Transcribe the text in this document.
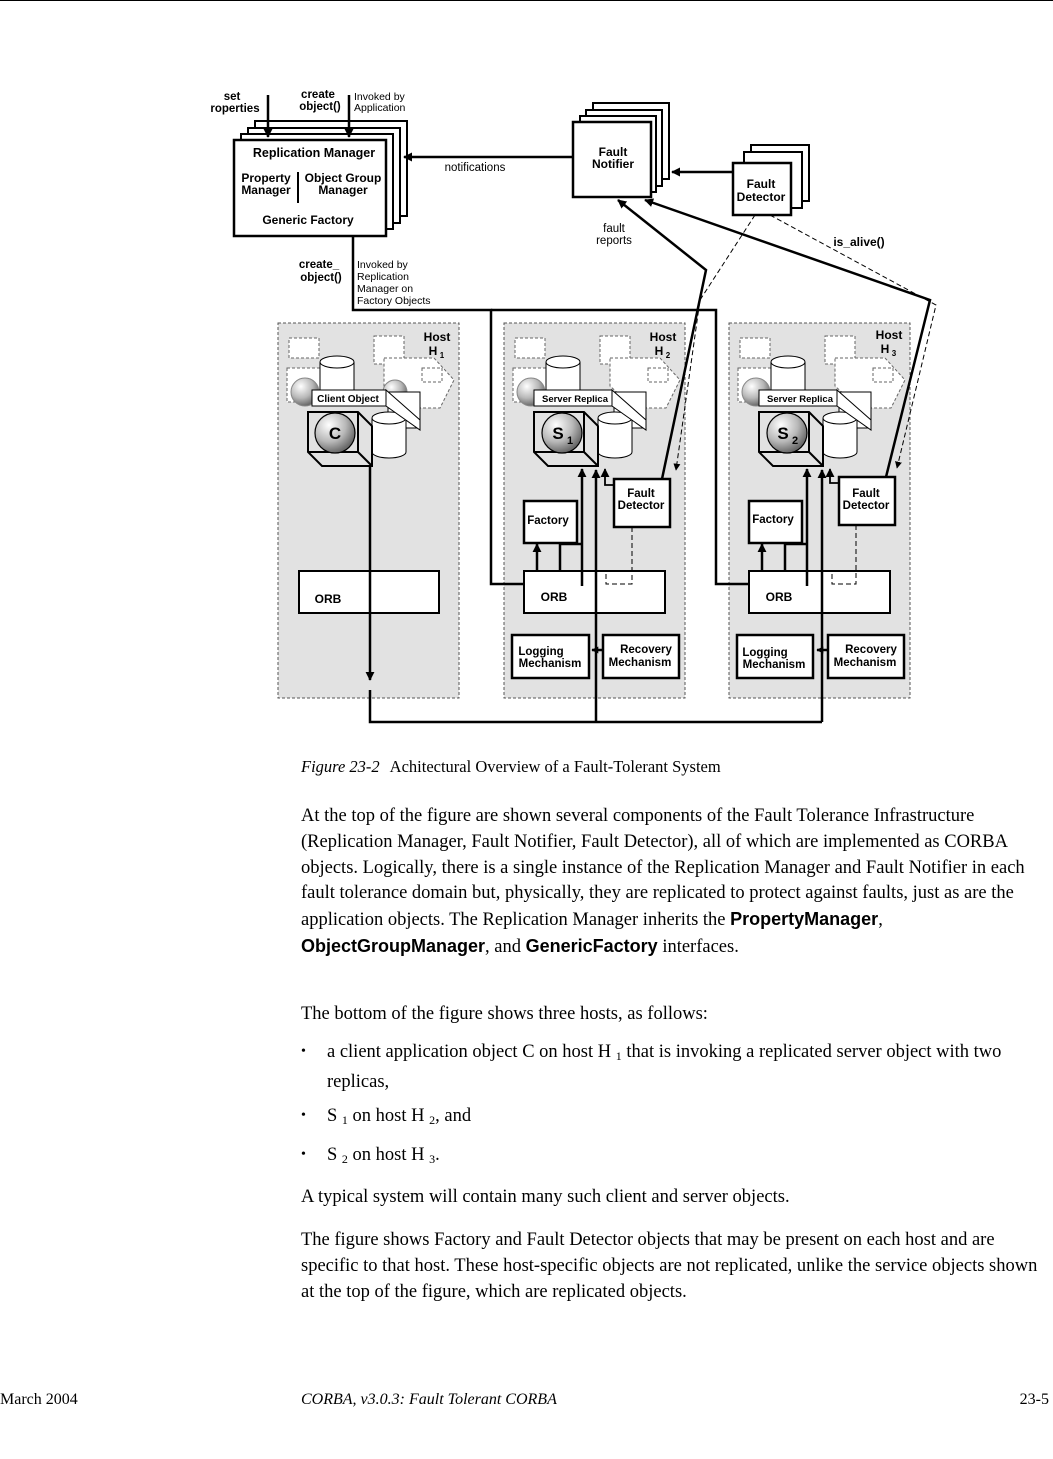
Replication Manager
Property
Manager
Object Group
Manager
Generic Factory
set
roperties
create
object()
Invoked by
Application
Fault
Notifier
notifications
Fault
Detector
fault
reports	is_alive()
create_
object()
Invoked by
Replication
Manager on
Factory Objects
Host
H 1
Host
H 2
Host
H 3
Client Object
C
Server Replica
S 1
Server Replica
S 2
ORB
Factory
Fault
Detector
ORB
Logging
Mechanism
Recovery
Mechanism
Factory
Fault
Detector
ORB
Logging
Mechanism
Recovery
Mechanism
Figure 23-2 Achitectural Overview of a Fault-Tolerant System

At the top of the figure are shown several components of the Fault Tolerance Infrastructure (Replication Manager, Fault Notifier, Fault Detector), all of which are implemented as CORBA objects. Logically, there is a single instance of the Replication Manager and Fault Notifier in each fault tolerance domain but, physically, they are replicated to protect against faults, just as are the application objects. The Replication Manager inherits the PropertyManager, ObjectGroupManager, and GenericFactory interfaces.

The bottom of the figure shows three hosts, as follows:

• a client application object C on host H $_1$ that is invoking a replicated server object with two replicas,

• S $_1$ on host H $_2$, and

• S $_2$ on host H $_3$.

A typical system will contain many such client and server objects.

The figure shows Factory and Fault Detector objects that may be present on each host and are specific to that host. These host-specific objects are not replicated, unlike the service objects shown at the top of the figure, which are replicated objects.

March 2004	CORBA, v3.0.3: Fault Tolerant CORBA	23-5
